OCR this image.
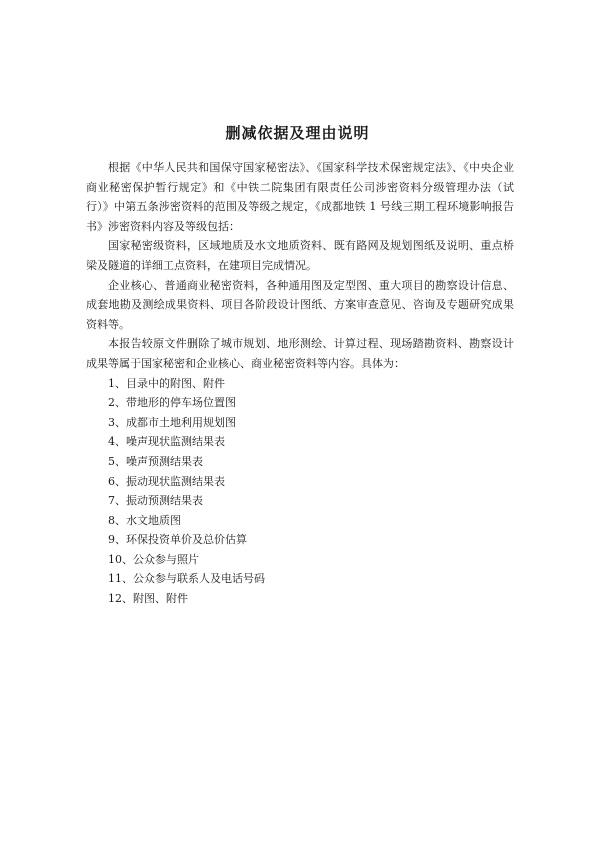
删减依据及理由说明

根据《中华人民共和国保守国家秘密法》、《国家科学技术保密规定法》、《中央企业商业秘密保护暂行规定》和《中铁二院集团有限责任公司涉密资料分级管理办法（试行）》中第五条涉密资料的范围及等级之规定，《成都地铁 1 号线三期工程环境影响报告书》涉密资料内容及等级包括：

国家秘密级资料，区域地质及水文地质资料、既有路网及规划图纸及说明、重点桥梁及隧道的详细工点资料，在建项目完成情况。

企业核心、普通商业秘密资料，各种通用图及定型图、重大项目的勘察设计信息、成套地勘及测绘成果资料、项目各阶段设计图纸、方案审查意见、咨询及专题研究成果资料等。

本报告较原文件删除了城市规划、地形测绘、计算过程、现场踏勘资料、勘察设计成果等属于国家秘密和企业核心、商业秘密资料等内容。具体为：

1、目录中的附图、附件
2、带地形的停车场位置图
3、成都市土地利用规划图
4、噪声现状监测结果表
5、噪声预测结果表
6、振动现状监测结果表
7、振动预测结果表
8、水文地质图
9、环保投资单价及总价估算
10、公众参与照片
11、公众参与联系人及电话号码
12、附图、附件
